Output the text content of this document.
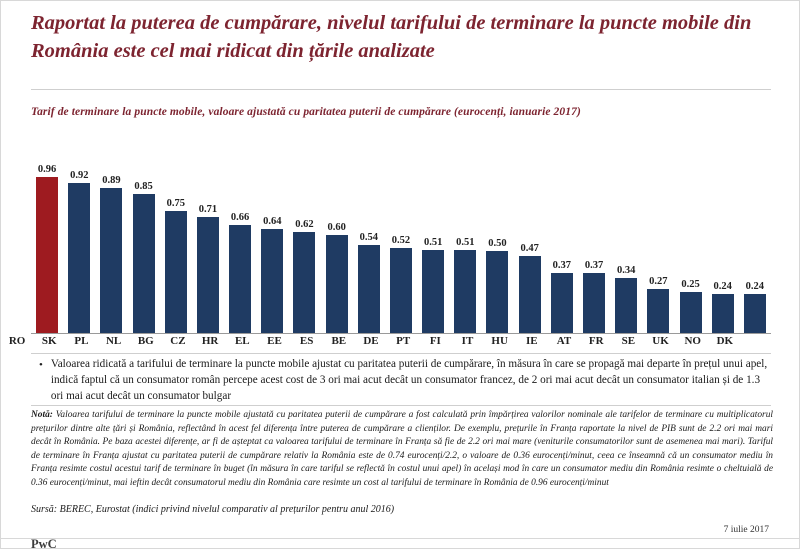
Raportat la puterea de cumpărare, nivelul tarifului de terminare la puncte mobile din România este cel mai ridicat din țările analizate
Tarif de terminare la puncte mobile, valoare ajustată cu paritatea puterii de cumpărare (eurocenți, ianuarie 2017)
0.96
0.92 0.89
0.85
0.75
0.71
0.66 0.64 0.62 0.60
0.54 0.52 0.51 0.51 0.50 0.47
0.37 0.37 0.34
0.27 0.25 0.24 0.24
RO	SK	PL	NL	BG	CZ	HR	EL	EE	ES	BE	DE	PT	FI	IT	HU	IE	AT	FR	SE	UK	NO	DK
• Valoarea ridicată a tarifului de terminare la puncte mobile ajustat cu paritatea puterii de cumpărare, în măsura în care se propagă mai departe în prețul unui apel, indică faptul că un consumator român percepe acest cost de 3 ori mai acut decât un consumator francez, de 2 ori mai acut decât un consumator italian și de 1.3 ori mai acut decât un consumator bulgar
Notă: Valoarea tarifului de terminare la puncte mobile ajustată cu paritatea puterii de cumpărare a fost calculată prin împărțirea valorilor nominale ale tarifelor de terminare cu multiplicatorul prețurilor dintre alte țări și România, reflectând în acest fel diferența între puterea de cumpărare a clienților. De exemplu, prețurile în Franța raportate la nivel de PIB sunt de 2.2 ori mai mari decât în România. Pe baza acestei diferențe, ar fi de așteptat ca valoarea tarifului de terminare în Franța să fie de 2.2 ori mai mare (veniturile consumatorilor sunt de asemenea mai mari). Tariful de terminare în Franța ajustat cu paritatea puterii de cumpărare relativ la România este de 0.74 eurocenți/2.2, o valoare de 0.36 eurocenți/minut, ceea ce înseamnă că un consumator mediu în Franța resimte costul acestui tarif de terminare în buget (în măsura în care tariful se reflectă în costul unui apel) în același mod în care un consumator mediu din România resimte o cheltuială de 0.36 eurocenți/minut, mai ieftin decât consumatorul mediu din România care resimte un cost al tarifului de terminare în România de 0.96 eurocenți/minut
Sursă: BEREC, Eurostat (indici privind nivelul comparativ al prețurilor pentru anul 2016)
7 iulie 2017
PwC
